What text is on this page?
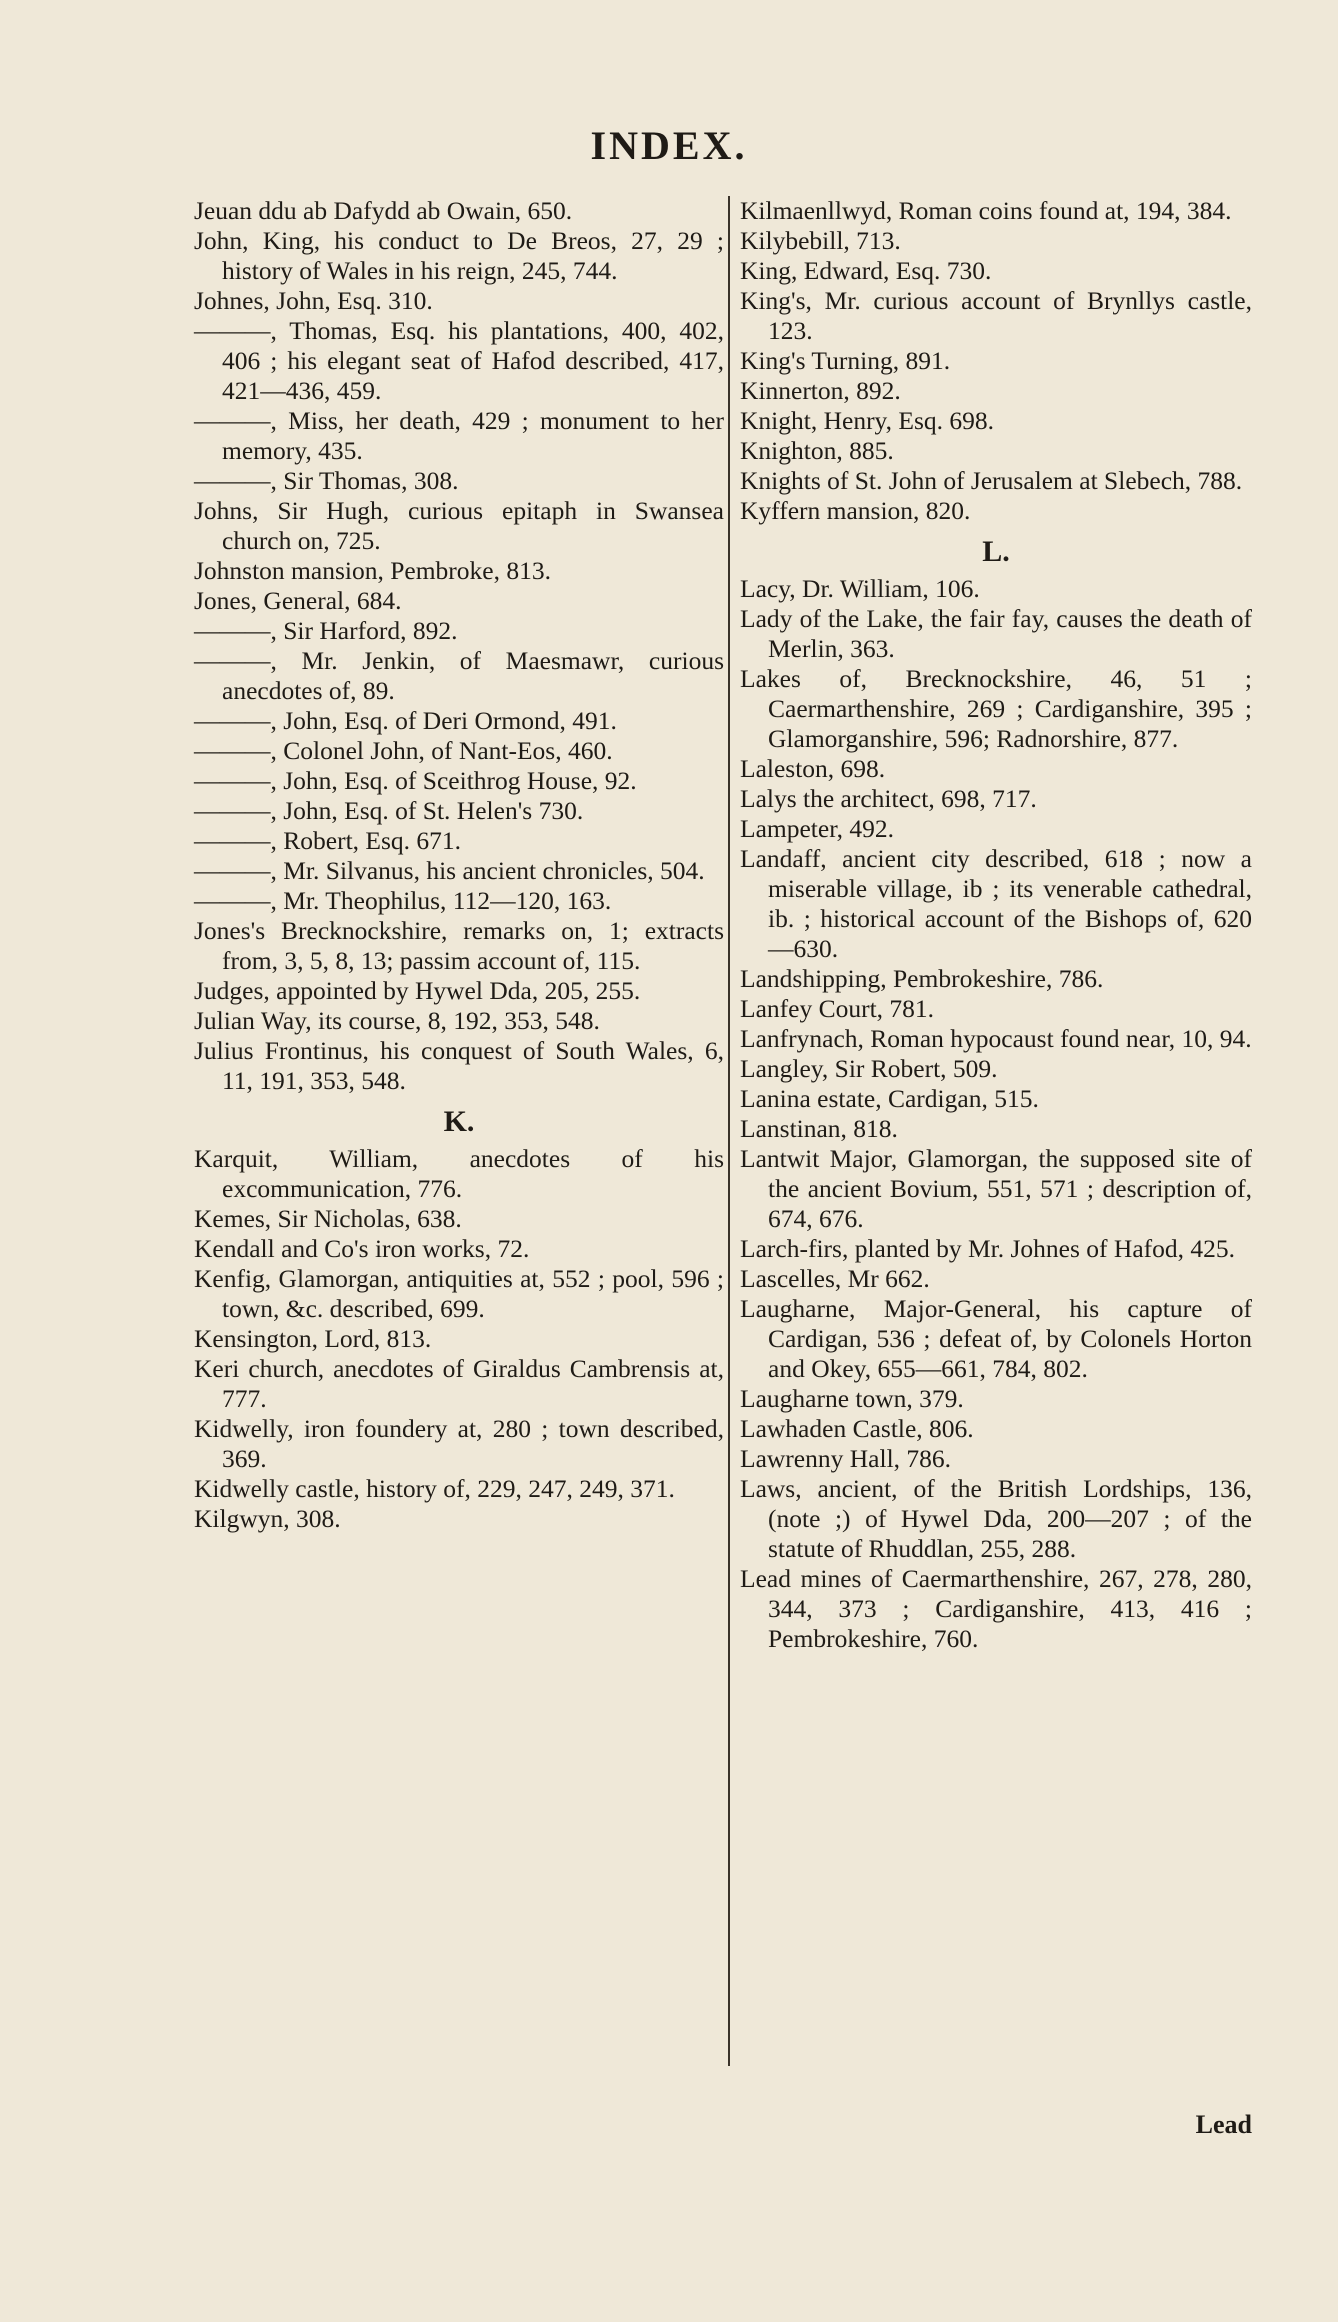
INDEX.

Jeuan ddu ab Dafydd ab Owain, 650.

John, King, his conduct to De Breos, 27, 29 ; history of Wales in his reign, 245, 744.

Johnes, John, Esq. 310.

———, Thomas, Esq. his plantations, 400, 402, 406 ; his elegant seat of Hafod described, 417, 421—436, 459.

———, Miss, her death, 429 ; monument to her memory, 435.

———, Sir Thomas, 308.

Johns, Sir Hugh, curious epitaph in Swansea church on, 725.

Johnston mansion, Pembroke, 813.

Jones, General, 684.

———, Sir Harford, 892.

———, Mr. Jenkin, of Maesmawr, curious anecdotes of, 89.

———, John, Esq. of Deri Ormond, 491.

———, Colonel John, of Nant-Eos, 460.

———, John, Esq. of Sceithrog House, 92.

———, John, Esq. of St. Helen's 730.

———, Robert, Esq. 671.

———, Mr. Silvanus, his ancient chronicles, 504.

———, Mr. Theophilus, 112—120, 163.

Jones's Brecknockshire, remarks on, 1; extracts from, 3, 5, 8, 13; passim account of, 115.

Judges, appointed by Hywel Dda, 205, 255.

Julian Way, its course, 8, 192, 353, 548.

Julius Frontinus, his conquest of South Wales, 6, 11, 191, 353, 548.

K.

Karquit, William, anecdotes of his excommunication, 776.

Kemes, Sir Nicholas, 638.

Kendall and Co's iron works, 72.

Kenfig, Glamorgan, antiquities at, 552 ; pool, 596 ; town, &c. described, 699.

Kensington, Lord, 813.

Keri church, anecdotes of Giraldus Cambrensis at, 777.

Kidwelly, iron foundery at, 280 ; town described, 369.

Kidwelly castle, history of, 229, 247, 249, 371.

Kilgwyn, 308.

Kilmaenllwyd, Roman coins found at, 194, 384.

Kilybebill, 713.

King, Edward, Esq. 730.

King's, Mr. curious account of Brynllys castle, 123.

King's Turning, 891.

Kinnerton, 892.

Knight, Henry, Esq. 698.

Knighton, 885.

Knights of St. John of Jerusalem at Slebech, 788.

Kyffern mansion, 820.

L.

Lacy, Dr. William, 106.

Lady of the Lake, the fair fay, causes the death of Merlin, 363.

Lakes of, Brecknockshire, 46, 51 ; Caermarthenshire, 269 ; Cardiganshire, 395 ; Glamorganshire, 596; Radnorshire, 877.

Laleston, 698.

Lalys the architect, 698, 717.

Lampeter, 492.

Landaff, ancient city described, 618 ; now a miserable village, ib ; its venerable cathedral, ib. ; historical account of the Bishops of, 620—630.

Landshipping, Pembrokeshire, 786.

Lanfey Court, 781.

Lanfrynach, Roman hypocaust found near, 10, 94.

Langley, Sir Robert, 509.

Lanina estate, Cardigan, 515.

Lanstinan, 818.

Lantwit Major, Glamorgan, the supposed site of the ancient Bovium, 551, 571 ; description of, 674, 676.

Larch-firs, planted by Mr. Johnes of Hafod, 425.

Lascelles, Mr 662.

Laugharne, Major-General, his capture of Cardigan, 536 ; defeat of, by Colonels Horton and Okey, 655—661, 784, 802.

Laugharne town, 379.

Lawhaden Castle, 806.

Lawrenny Hall, 786.

Laws, ancient, of the British Lordships, 136, (note ;) of Hywel Dda, 200—207 ; of the statute of Rhuddlan, 255, 288.

Lead mines of Caermarthenshire, 267, 278, 280, 344, 373 ; Cardiganshire, 413, 416 ; Pembrokeshire, 760.

Lead
